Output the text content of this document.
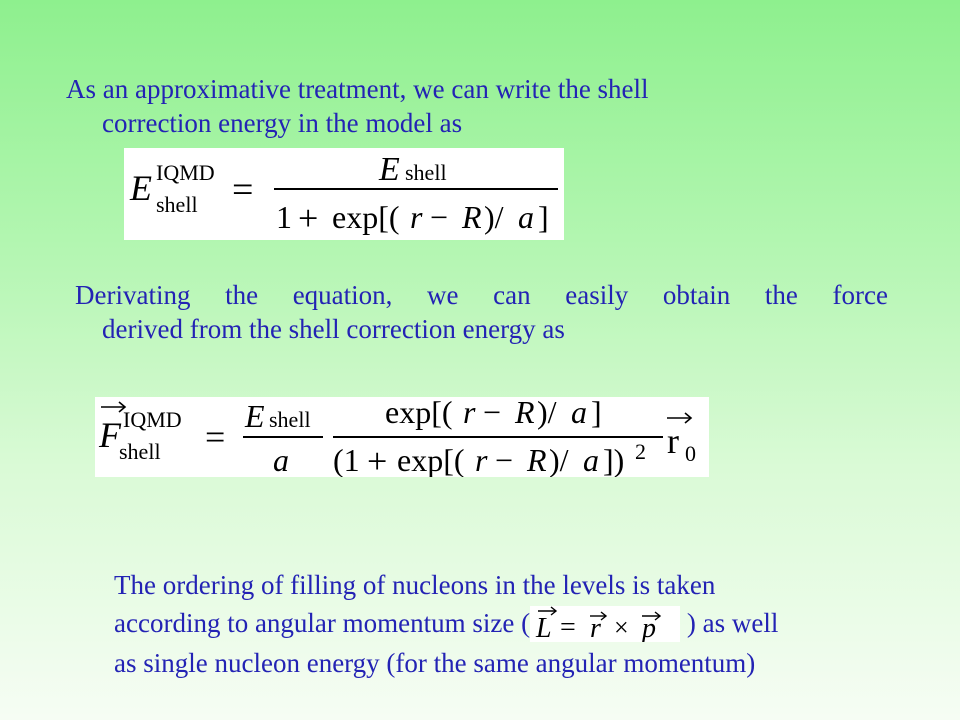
As an approximative treatment, we can write the shell
correction energy in the model as

E IQMD
shell =	E shell
1 + exp[( r − R )/ a ]

Derivating the equation, we can easily obtain the force
derived from the shell correction energy as

F IQMD
shell =
E shell
a
exp[( r − R )/ a ]
(1 + exp[( r − R )/ a ]) 2 r 0

The ordering of filling of nucleons in the levels is taken
according to angular momentum size ( L = r × p ) as well
as single nucleon energy (for the same angular momentum)
